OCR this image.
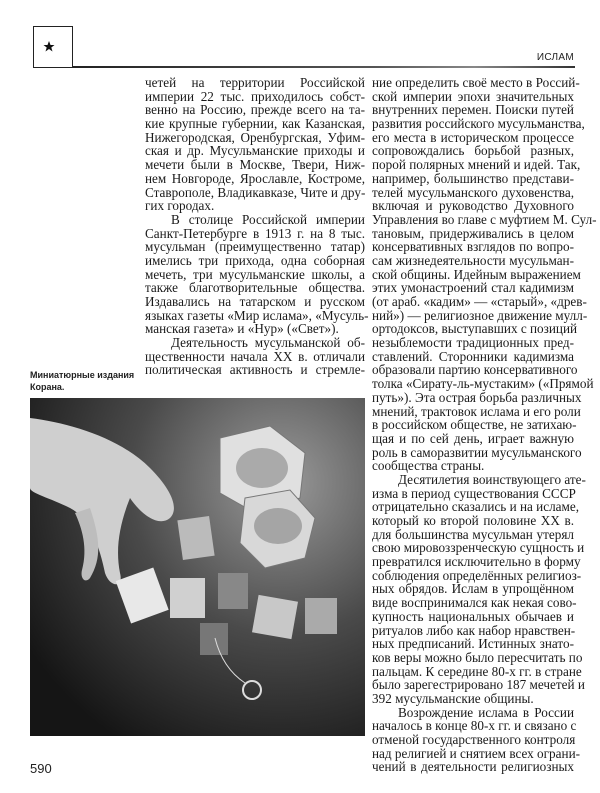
ИСЛАМ
четей на территории Российской
империи 22 тыс. приходилось собст-
венно на Россию, прежде всего на та-
кие крупные губернии, как Казанская,
Нижегородская, Оренбургская, Уфим-
ская и др. Мусульманские приходы и
мечети были в Москве, Твери, Ниж-
нем Новгороде, Ярославле, Костроме,
Ставрополе, Владикавказе, Чите и дру-
гих городах.
В столице Российской империи
Санкт-Петербурге в 1913 г. на 8 тыс.
мусульман (преимущественно татар)
имелись три прихода, одна соборная
мечеть, три мусульманские школы, а
также благотворительные общества.
Издавались на татарском и русском
языках газеты «Мир ислама», «Мусуль-
манская газета» и «Нур» («Свет»).
Деятельность мусульманской об-
щественности начала XX в. отличали
политическая активность и стремле-
ние определить своё место в Россий-
ской империи эпохи значительных
внутренних перемен. Поиски путей
развития российского мусульманства,
его места в историческом процессе
сопровождались борьбой разных,
порой полярных мнений и идей. Так,
например, большинство представи-
телей мусульманского духовенства,
включая и руководство Духовного
Управления во главе с муфтием М. Сул-
тановым, придерживались в целом
консервативных взглядов по вопро-
сам жизнедеятельности мусульман-
ской общины. Идейным выражением
этих умонастроений стал кадимизм
(от араб. «кадим» — «старый», «древ-
ний») — религиозное движение мулл-
ортодоксов, выступавших с позиций
незыблемости традиционных пред-
ставлений. Сторонники кадимизма
образовали партию консервативного
толка «Сирату-ль-мустаким» («Прямой
путь»). Эта острая борьба различных
мнений, трактовок ислама и его роли
в российском обществе, не затихаю-
щая и по сей день, играет важную
роль в саморазвитии мусульманского
сообщества страны.
Десятилетия воинствующего ате-
изма в период существования СССР
отрицательно сказались и на исламе,
который ко второй половине XX в.
для большинства мусульман утерял
свою мировоззренческую сущность и
превратился исключительно в форму
соблюдения определённых религиоз-
ных обрядов. Ислам в упрощённом
виде воспринимался как некая сово-
купность национальных обычаев и
ритуалов либо как набор нравствен-
ных предписаний. Истинных знато-
ков веры можно было пересчитать по
пальцам. К середине 80-х гг. в стране
было зарегестрировано 187 мечетей и
392 мусульманские общины.
Возрождение ислама в России
началось в конце 80-х гг. и связано с
отменой государственного контроля
над религией и снятием всех ограни-
чений в деятельности религиозных
Миниатюрные издания Корана.
590
